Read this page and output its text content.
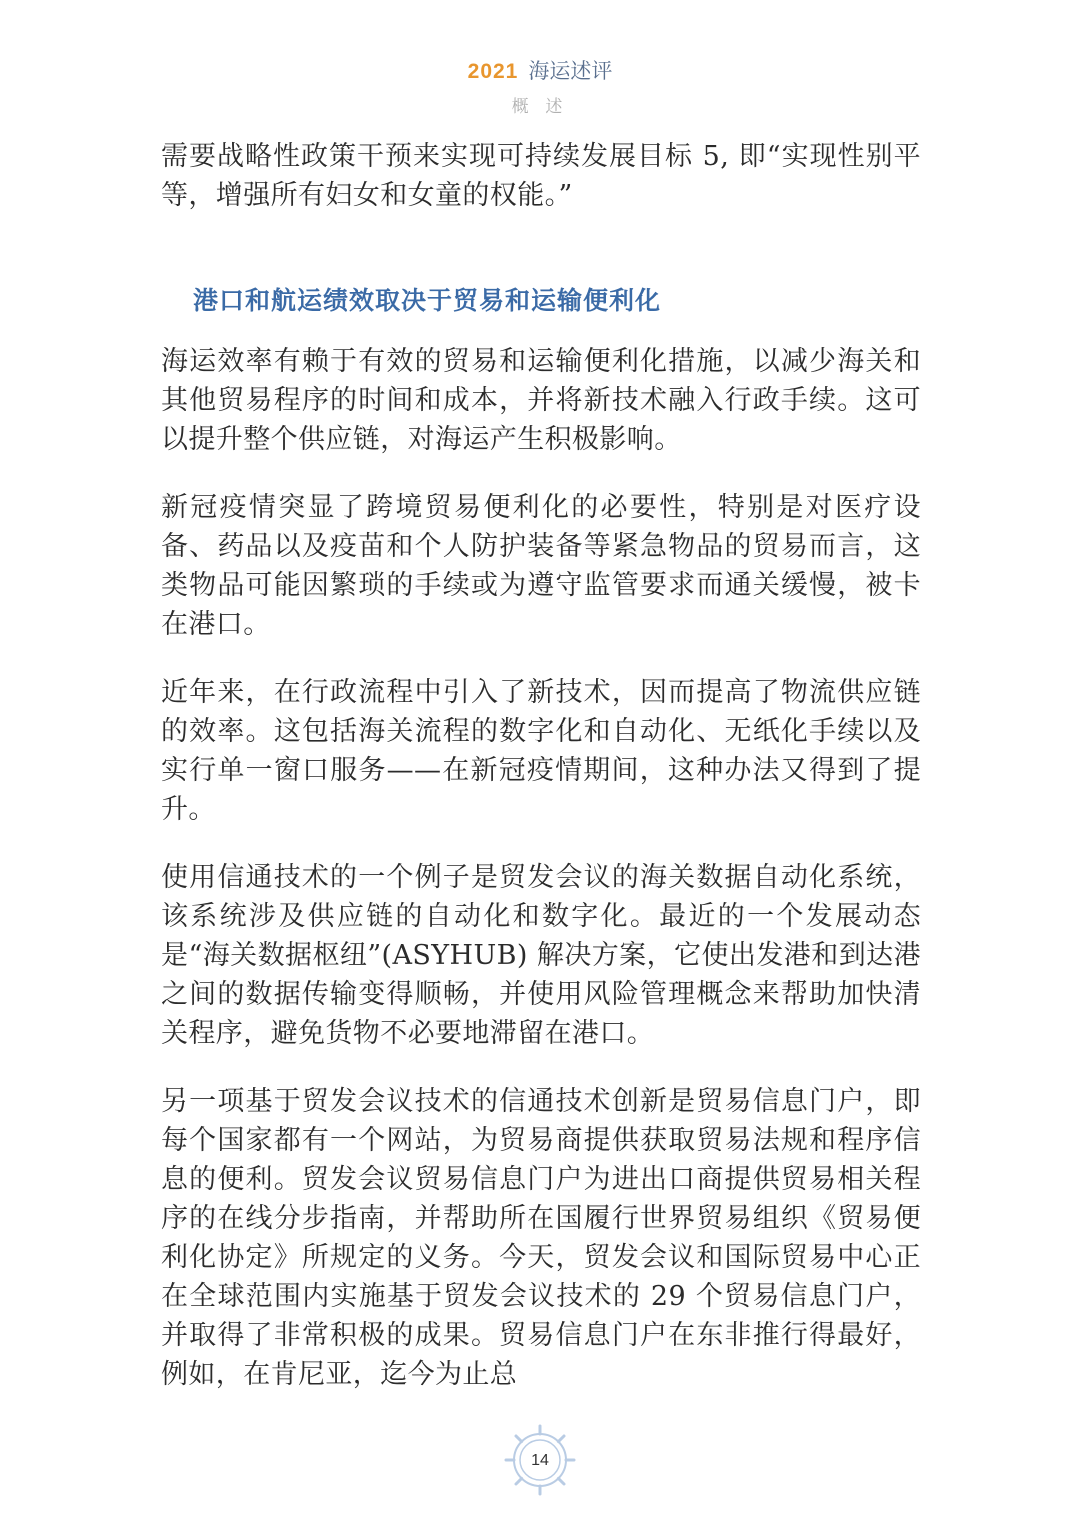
2021 海运述评
概 述

需要战略性政策干预来实现可持续发展目标 5, 即“实现性别平等，增强所有妇女和女童的权能。”

港口和航运绩效取决于贸易和运输便利化

海运效率有赖于有效的贸易和运输便利化措施，以减少海关和其他贸易程序的时间和成本，并将新技术融入行政手续。这可以提升整个供应链，对海运产生积极影响。

新冠疫情突显了跨境贸易便利化的必要性，特别是对医疗设备、药品以及疫苗和个人防护装备等紧急物品的贸易而言，这类物品可能因繁琐的手续或为遵守监管要求而通关缓慢，被卡在港口。

近年来，在行政流程中引入了新技术，因而提高了物流供应链的效率。这包括海关流程的数字化和自动化、无纸化手续以及实行单一窗口服务——在新冠疫情期间，这种办法又得到了提升。

使用信通技术的一个例子是贸发会议的海关数据自动化系统，该系统涉及供应链的自动化和数字化。最近的一个发展动态是“海关数据枢纽”(ASYHUB) 解决方案，它使出发港和到达港之间的数据传输变得顺畅，并使用风险管理概念来帮助加快清关程序，避免货物不必要地滞留在港口。

另一项基于贸发会议技术的信通技术创新是贸易信息门户，即每个国家都有一个网站，为贸易商提供获取贸易法规和程序信息的便利。贸发会议贸易信息门户为进出口商提供贸易相关程序的在线分步指南，并帮助所在国履行世界贸易组织《贸易便利化协定》所规定的义务。今天，贸发会议和国际贸易中心正在全球范围内实施基于贸发会议技术的 29 个贸易信息门户，并取得了非常积极的成果。贸易信息门户在东非推行得最好，例如，在肯尼亚，迄今为止总

14
